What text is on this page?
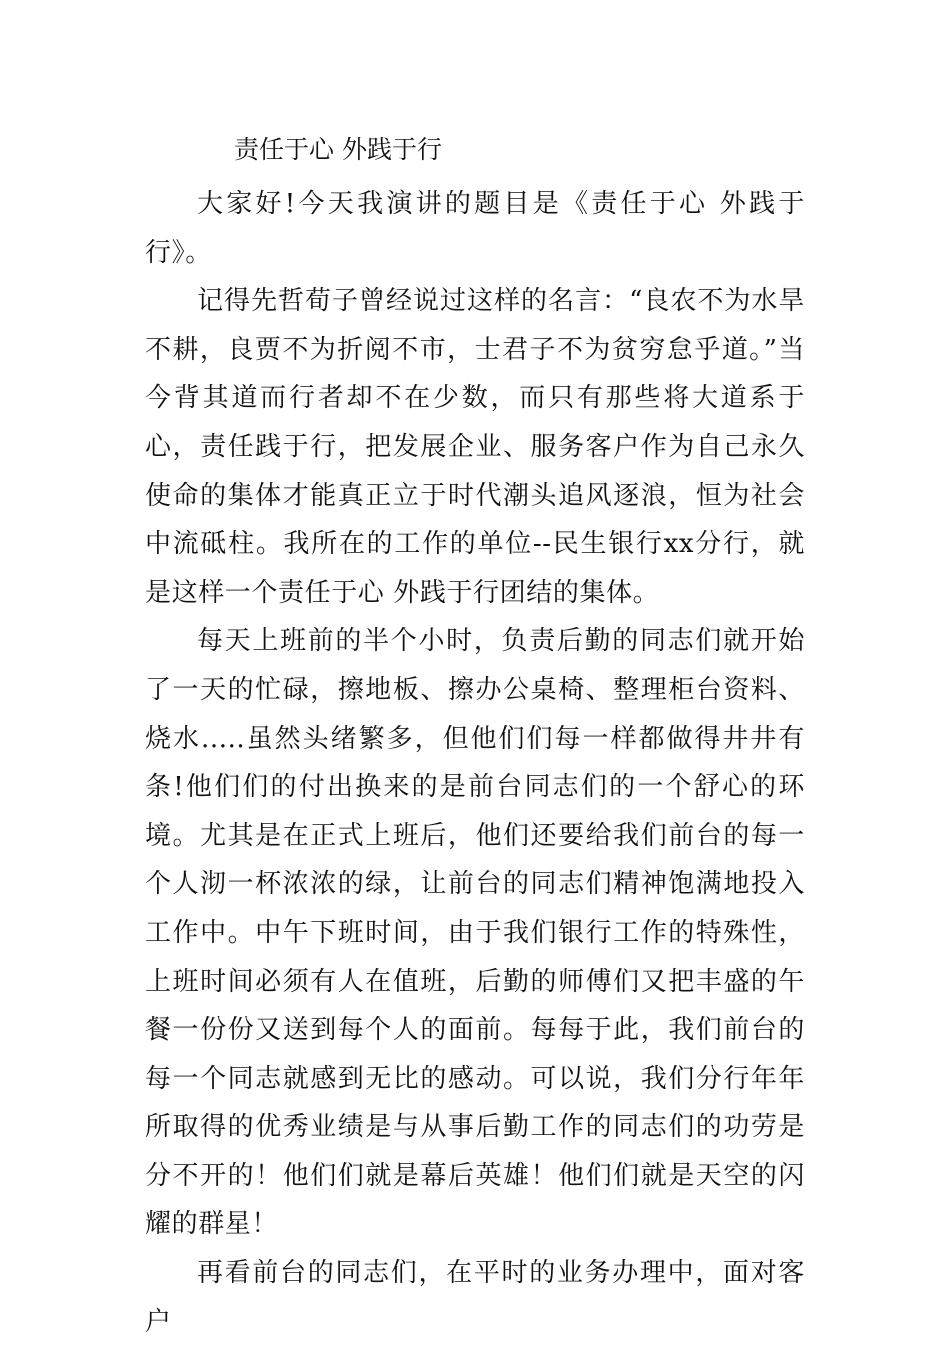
责任于心 外践于行

大家好!今天我演讲的题目是《责任于心 外践于行》。

记得先哲荀子曾经说过这样的名言：“良农不为水旱不耕，良贾不为折阅不市，士君子不为贫穷怠乎道。”当今背其道而行者却不在少数，而只有那些将大道系于心，责任践于行，把发展企业、服务客户作为自己永久使命的集体才能真正立于时代潮头追风逐浪，恒为社会中流砥柱。我所在的工作的单位--民生银行xx分行，就是这样一个责任于心 外践于行团结的集体。

每天上班前的半个小时，负责后勤的同志们就开始了一天的忙碌，擦地板、擦办公桌椅、整理柜台资料、烧水.....虽然头绪繁多，但他们们每一样都做得井井有条!他们们的付出换来的是前台同志们的一个舒心的环境。尤其是在正式上班后，他们还要给我们前台的每一个人沏一杯浓浓的绿，让前台的同志们精神饱满地投入工作中。中午下班时间，由于我们银行工作的特殊性，上班时间必须有人在值班，后勤的师傅们又把丰盛的午餐一份份又送到每个人的面前。每每于此，我们前台的每一个同志就感到无比的感动。可以说，我们分行年年所取得的优秀业绩是与从事后勤工作的同志们的功劳是分不开的！他们们就是幕后英雄！他们们就是天空的闪耀的群星！

再看前台的同志们，在平时的业务办理中，面对客户
